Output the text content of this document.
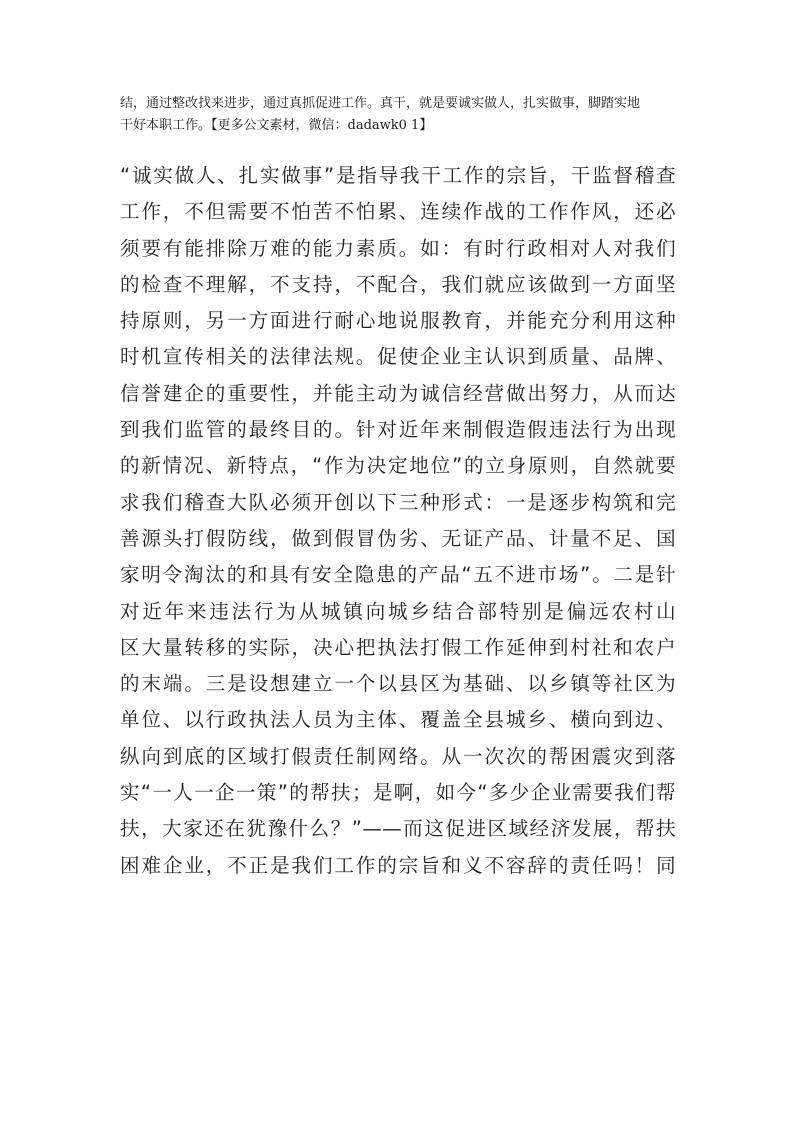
结，通过整改找来进步，通过真抓促进工作。真干，就是要诚实做人，扎实做事，脚踏实地
干好本职工作。【更多公文素材，微信：dadawk0 1】
“诚实做人、扎实做事”是指导我干工作的宗旨，干监督稽查
工作，不但需要不怕苦不怕累、连续作战的工作作风，还必
须要有能排除万难的能力素质。如：有时行政相对人对我们
的检查不理解，不支持，不配合，我们就应该做到一方面坚
持原则，另一方面进行耐心地说服教育，并能充分利用这种
时机宣传相关的法律法规。促使企业主认识到质量、品牌、
信誉建企的重要性，并能主动为诚信经营做出努力，从而达
到我们监管的最终目的。针对近年来制假造假违法行为出现
的新情况、新特点，“作为决定地位”的立身原则，自然就要
求我们稽查大队必须开创以下三种形式：一是逐步构筑和完
善源头打假防线，做到假冒伪劣、无证产品、计量不足、国
家明令淘汰的和具有安全隐患的产品“五不进市场”。二是针
对近年来违法行为从城镇向城乡结合部特别是偏远农村山
区大量转移的实际，决心把执法打假工作延伸到村社和农户
的末端。三是设想建立一个以县区为基础、以乡镇等社区为
单位、以行政执法人员为主体、覆盖全县城乡、横向到边、
纵向到底的区域打假责任制网络。从一次次的帮困震灾到落
实“一人一企一策”的帮扶；是啊，如今“多少企业需要我们帮
扶，大家还在犹豫什么？”——而这促进区域经济发展，帮扶
困难企业，不正是我们工作的宗旨和义不容辞的责任吗！同
